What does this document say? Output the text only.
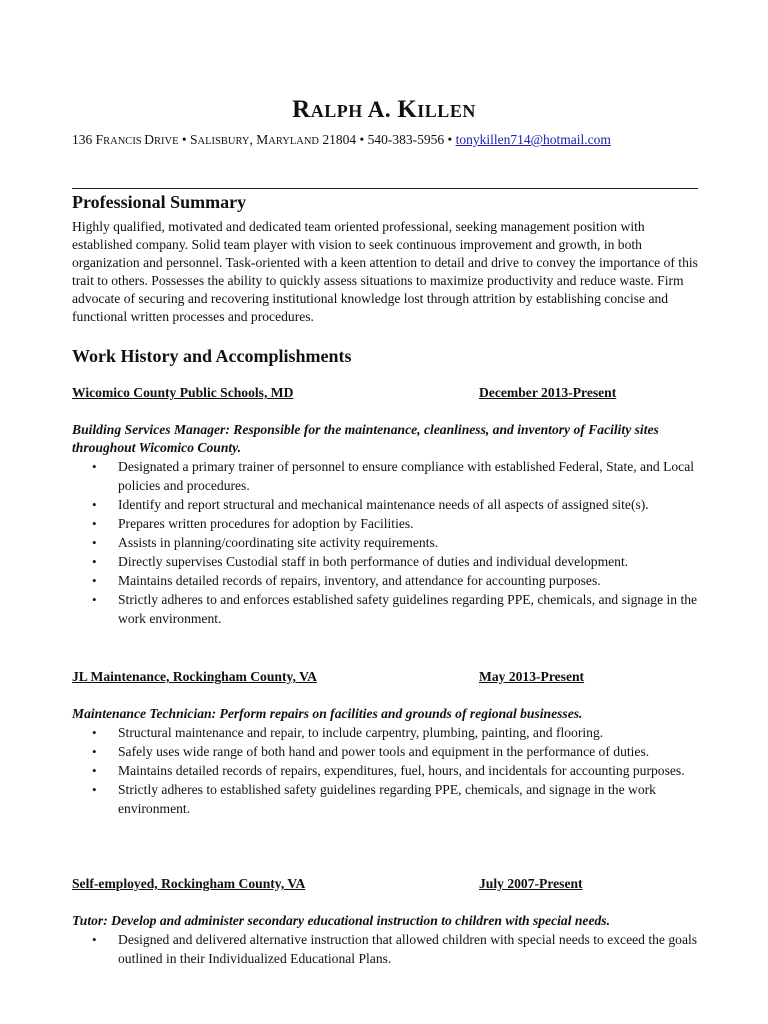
RALPH A. KILLEN
136 FRANCIS DRIVE • SALISBURY, MARYLAND 21804 • 540-383-5956 • tonykillen714@hotmail.com
Professional Summary
Highly qualified, motivated and dedicated team oriented professional, seeking management position with established company. Solid team player with vision to seek continuous improvement and growth, in both organization and personnel. Task-oriented with a keen attention to detail and drive to convey the importance of this trait to others. Possesses the ability to quickly assess situations to maximize productivity and reduce waste. Firm advocate of securing and recovering institutional knowledge lost through attrition by establishing concise and functional written processes and procedures.
Work History and Accomplishments
Wicomico County Public Schools, MD	December 2013-Present
Building Services Manager: Responsible for the maintenance, cleanliness, and inventory of Facility sites throughout Wicomico County.
• Designated a primary trainer of personnel to ensure compliance with established Federal, State, and Local policies and procedures.
• Identify and report structural and mechanical maintenance needs of all aspects of assigned site(s).
• Prepares written procedures for adoption by Facilities.
• Assists in planning/coordinating site activity requirements.
• Directly supervises Custodial staff in both performance of duties and individual development.
• Maintains detailed records of repairs, inventory, and attendance for accounting purposes.
• Strictly adheres to and enforces established safety guidelines regarding PPE, chemicals, and signage in the work environment.
JL Maintenance, Rockingham County, VA	May 2013-Present
Maintenance Technician: Perform repairs on facilities and grounds of regional businesses.
• Structural maintenance and repair, to include carpentry, plumbing, painting, and flooring.
• Safely uses wide range of both hand and power tools and equipment in the performance of duties.
• Maintains detailed records of repairs, expenditures, fuel, hours, and incidentals for accounting purposes.
• Strictly adheres to established safety guidelines regarding PPE, chemicals, and signage in the work environment.
Self-employed, Rockingham County, VA	July 2007-Present
Tutor: Develop and administer secondary educational instruction to children with special needs.
• Designed and delivered alternative instruction that allowed children with special needs to exceed the goals outlined in their Individualized Educational Plans.
